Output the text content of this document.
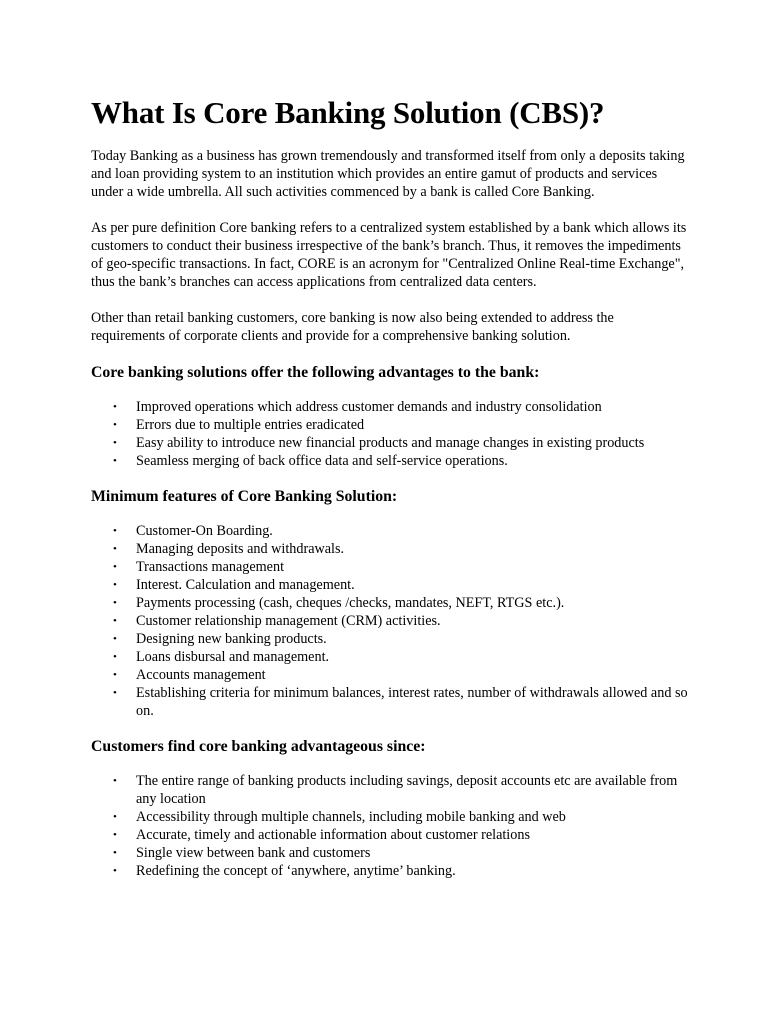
What Is Core Banking Solution (CBS)?

Today Banking as a business has grown tremendously and transformed itself from only a deposits taking and loan providing system to an institution which provides an entire gamut of products and services under a wide umbrella. All such activities commenced by a bank is called Core Banking.

As per pure definition Core banking refers to a centralized system established by a bank which allows its customers to conduct their business irrespective of the bank’s branch. Thus, it removes the impediments of geo-specific transactions. In fact, CORE is an acronym for "Centralized Online Real-time Exchange", thus the bank’s branches can access applications from centralized data centers.

Other than retail banking customers, core banking is now also being extended to address the requirements of corporate clients and provide for a comprehensive banking solution.

Core banking solutions offer the following advantages to the bank:
• Improved operations which address customer demands and industry consolidation
• Errors due to multiple entries eradicated
• Easy ability to introduce new financial products and manage changes in existing products
• Seamless merging of back office data and self-service operations.
Minimum features of Core Banking Solution:
• Customer-On Boarding.
• Managing deposits and withdrawals.
• Transactions management
• Interest. Calculation and management.
• Payments processing (cash, cheques /checks, mandates, NEFT, RTGS etc.).
• Customer relationship management (CRM) activities.
• Designing new banking products.
• Loans disbursal and management.
• Accounts management
• Establishing criteria for minimum balances, interest rates, number of withdrawals allowed and so on.
Customers find core banking advantageous since:
• The entire range of banking products including savings, deposit accounts etc are available from any location
• Accessibility through multiple channels, including mobile banking and web
• Accurate, timely and actionable information about customer relations
• Single view between bank and customers
• Redefining the concept of ‘anywhere, anytime’ banking.
